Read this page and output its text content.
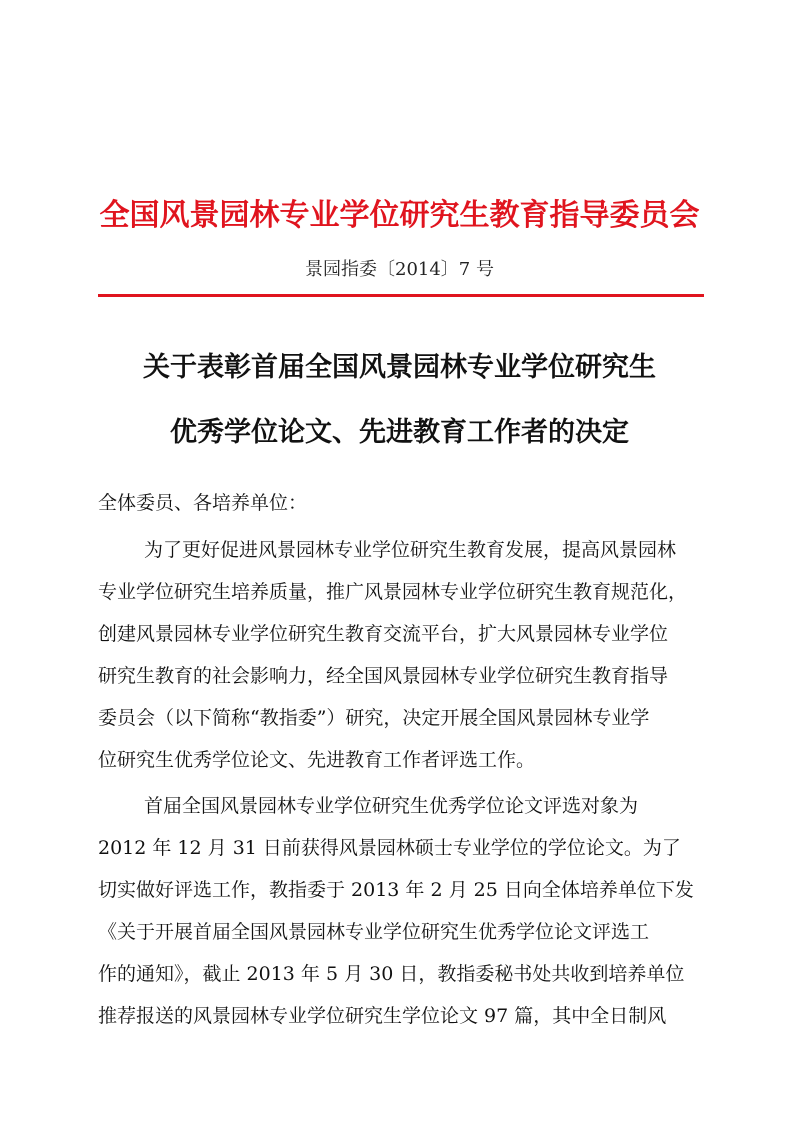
全国风景园林专业学位研究生教育指导委员会
景园指委〔2014〕7 号
关于表彰首届全国风景园林专业学位研究生
优秀学位论文、先进教育工作者的决定
全体委员、各培养单位：
为了更好促进风景园林专业学位研究生教育发展，提高风景园林
专业学位研究生培养质量，推广风景园林专业学位研究生教育规范化，
创建风景园林专业学位研究生教育交流平台，扩大风景园林专业学位
研究生教育的社会影响力，经全国风景园林专业学位研究生教育指导
委员会（以下简称“教指委”）研究，决定开展全国风景园林专业学
位研究生优秀学位论文、先进教育工作者评选工作。
首届全国风景园林专业学位研究生优秀学位论文评选对象为
2012 年 12 月 31 日前获得风景园林硕士专业学位的学位论文。为了
切实做好评选工作，教指委于 2013 年 2 月 25 日向全体培养单位下发
《关于开展首届全国风景园林专业学位研究生优秀学位论文评选工
作的通知》，截止 2013 年 5 月 30 日，教指委秘书处共收到培养单位
推荐报送的风景园林专业学位研究生学位论文 97 篇，其中全日制风
